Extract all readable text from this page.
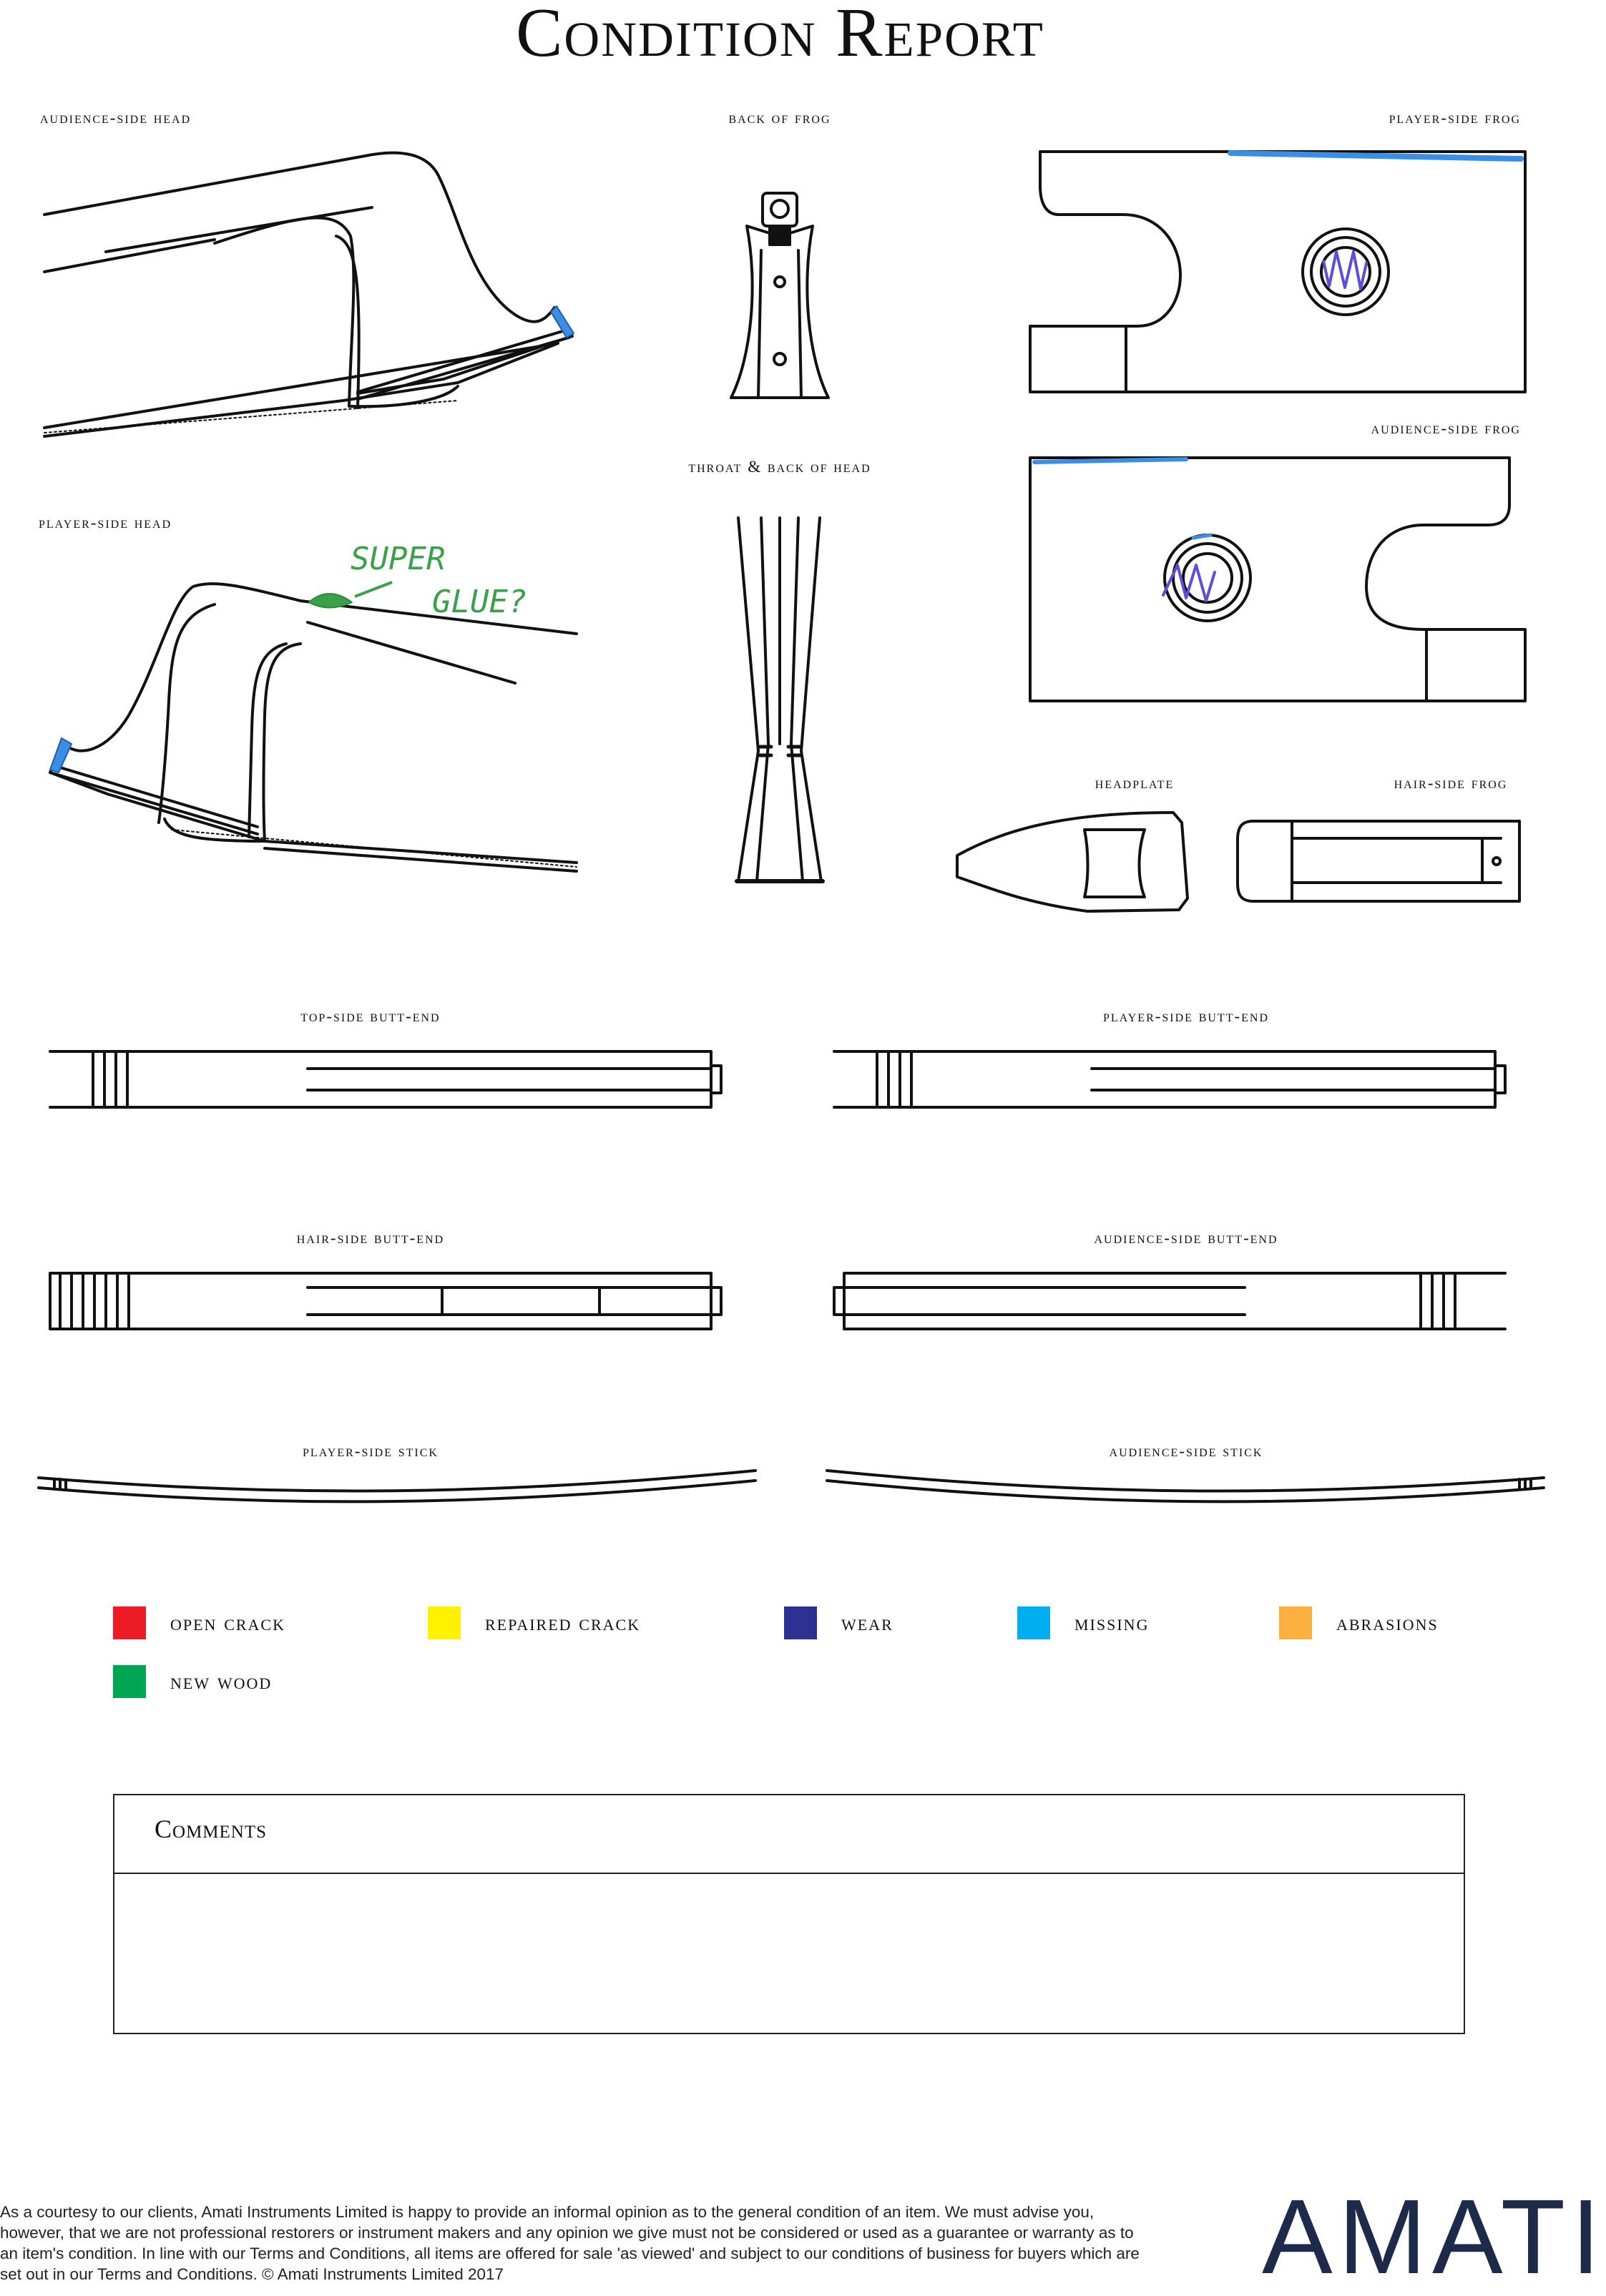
Condition Report
audience-side head	back of frog	player-side frog
audience-side frog
throat & back of head
player-side head
headplate	hair-side frog
top-side butt-end	player-side butt-end
hair-side butt-end	audience-side butt-end
player-side stick	audience-side stick
SUPER
GLUE?
open crack	repaired crack	wear	missing	abrasions
new wood
Comments
As a courtesy to our clients, Amati Instruments Limited is happy to provide an informal opinion as to the general condition of an item. We must advise you, however, that we are not professional restorers or instrument makers and any opinion we give must not be considered or used as a guarantee or warranty as to an item's condition. In line with our Terms and Conditions, all items are offered for sale 'as viewed' and subject to our conditions of business for buyers which are set out in our Terms and Conditions. © Amati Instruments Limited 2017	AMATI
